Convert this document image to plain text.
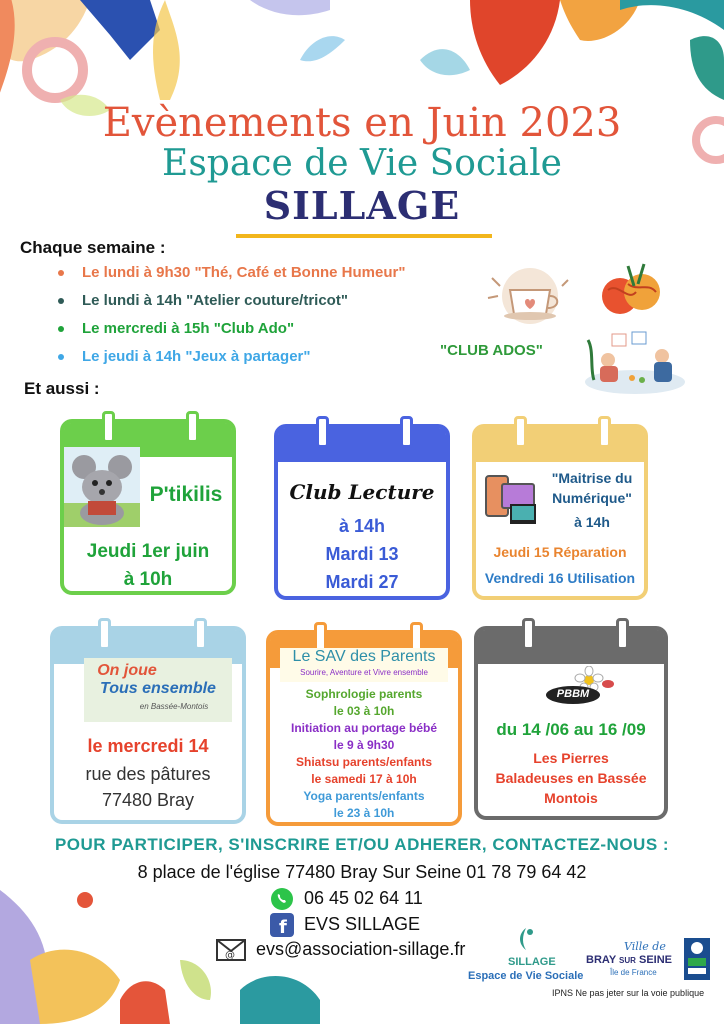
Evènements en Juin 2023
Espace de Vie Sociale
SILLAGE
Chaque semaine :
Le lundi à 9h30 "Thé, Café et Bonne Humeur"
Le lundi à 14h "Atelier couture/tricot"
Le mercredi à 15h "Club Ado"
Le jeudi à 14h "Jeux à partager"	"CLUB ADOS"
Et aussi :
P'tikilis
Jeudi 1er juin
à 10h
Club Lecture
à 14h
Mardi 13
Mardi 27
"Maitrise du
Numérique"
à 14h
Jeudi 15 Réparation
Vendredi 16 Utilisation
On joue
Tous ensemble
en Bassée-Montois
le mercredi 14
rue des pâtures
77480 Bray
Le SAV des Parents
Sourire, Aventure et Vivre ensemble
Sophrologie parents
le 03 à 10h
Initiation au portage bébé
le 9 à 9h30
Shiatsu parents/enfants
le samedi 17 à 10h
Yoga parents/enfants
le 23 à 10h
PBBM
du 14 /06 au 16 /09
Les Pierres
Baladeuses en Bassée
Montois
POUR PARTICIPER, S'INSCRIRE ET/OU ADHERER, CONTACTEZ-NOUS :
8 place de l'église 77480 Bray Sur Seine 01 78 79 64 42
06 45 02 64 11
f EVS SILLAGE
@ evs@association-sillage.fr
SILLAGE
Espace de Vie Sociale
Ville de
BRAY SUR SEINE
Île de France
IPNS Ne pas jeter sur la voie publique
